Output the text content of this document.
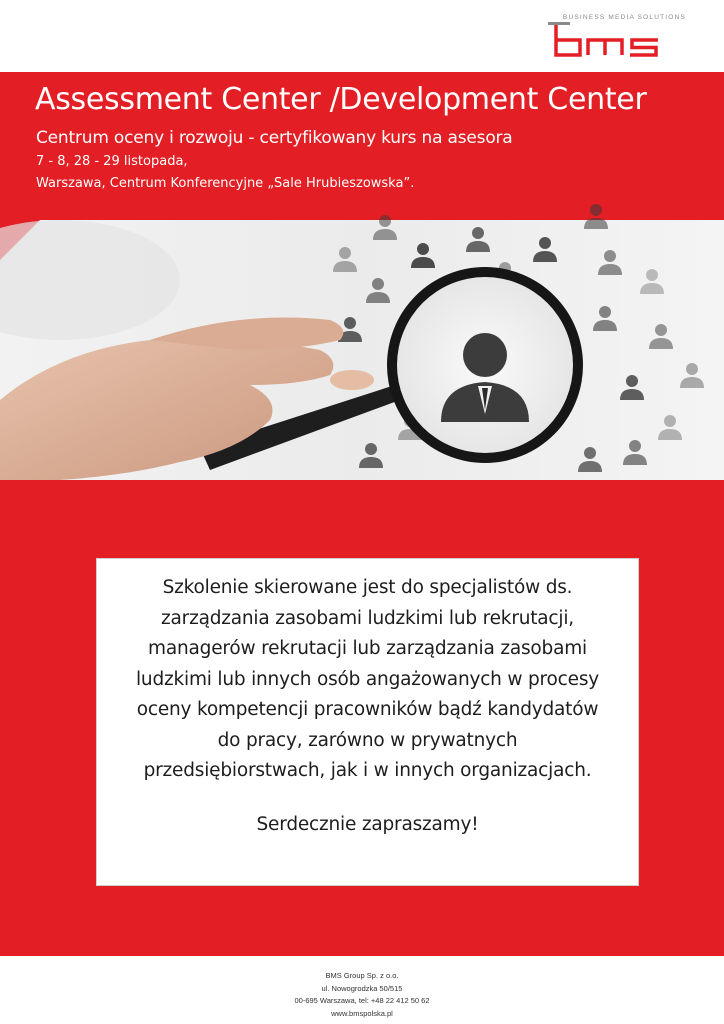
BUSINESS MEDIA SOLUTIONS
Assessment Center /Development Center
Centrum oceny i rozwoju - certyfikowany kurs na asesora
7 - 8, 28 - 29 listopada,
Warszawa, Centrum Konferencyjne „Sale Hrubieszowska”.
Szkolenie skierowane jest do specjalistów ds.
zarządzania zasobami ludzkimi lub rekrutacji,
managerów rekrutacji lub zarządzania zasobami
ludzkimi lub innych osób angażowanych w procesy
oceny kompetencji pracowników bądź kandydatów
do pracy, zarówno w prywatnych
przedsiębiorstwach, jak i w innych organizacjach.
Serdecznie zapraszamy!
BMS Group Sp. z o.o.
ul. Nowogrodzka 50/515
00-695 Warszawa, tel: +48 22 412 50 62
www.bmspolska.pl
